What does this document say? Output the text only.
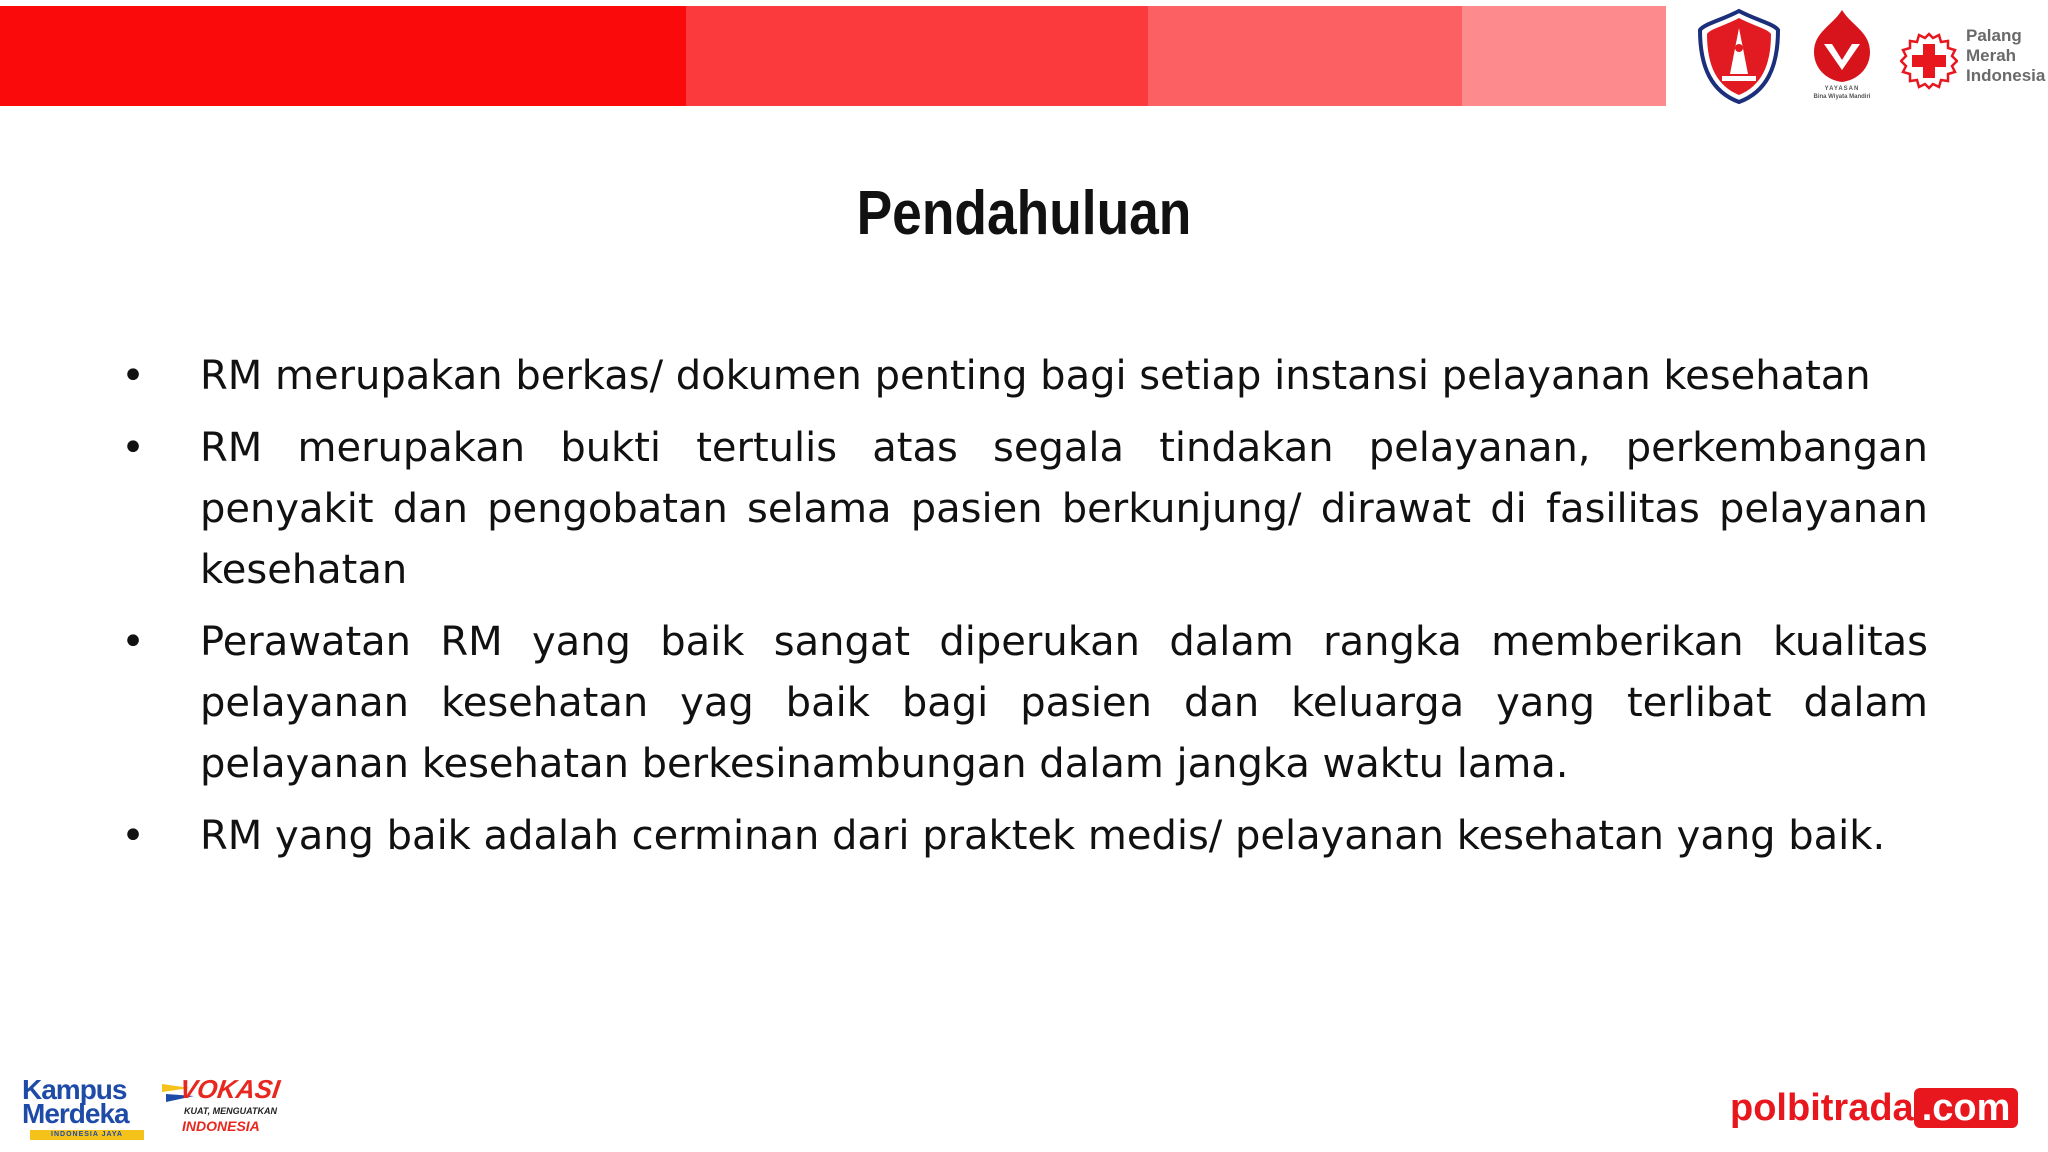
YAYASAN
Bina Wiyata Mandiri
Palang
Merah
Indonesia
Pendahuluan
• RM merupakan berkas/ dokumen penting bagi setiap instansi pelayanan kesehatan
• RM merupakan bukti tertulis atas segala tindakan pelayanan, perkembangan penyakit dan pengobatan selama pasien berkunjung/ dirawat di fasilitas pelayanan kesehatan
• Perawatan RM yang baik sangat diperukan dalam rangka memberikan kualitas pelayanan kesehatan yag baik bagi pasien dan keluarga yang terlibat dalam pelayanan kesehatan berkesinambungan dalam jangka waktu lama.
• RM yang baik adalah cerminan dari praktek medis/ pelayanan kesehatan yang baik.
Kampus
Merdeka
INDONESIA JAYA
VOKASI
KUAT, MENGUATKAN
INDONESIA	polbitrada .com
